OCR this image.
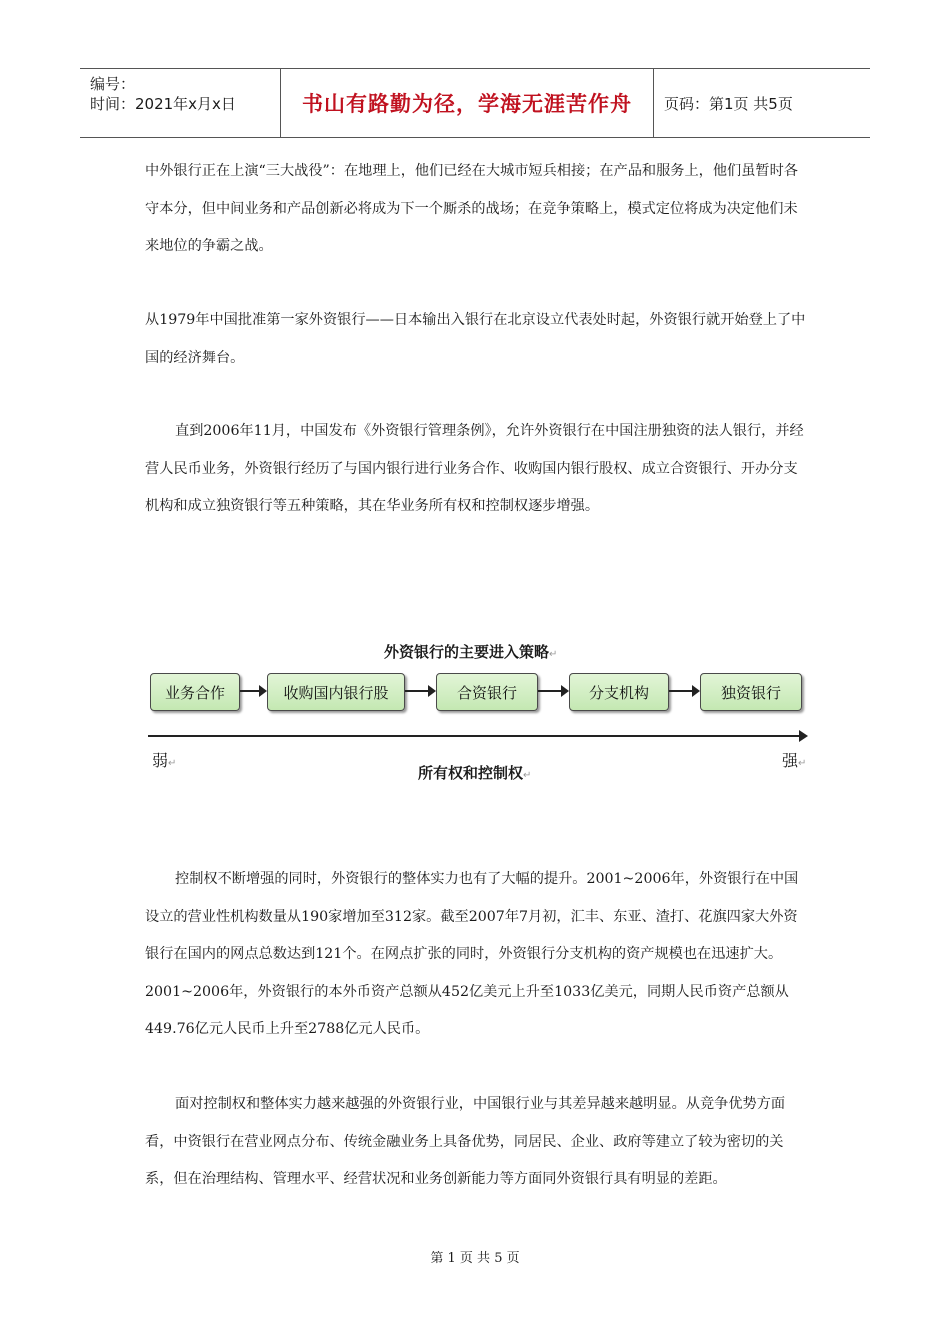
编号：
时间：2021年x月x日	书山有路勤为径，学海无涯苦作舟 页码：第1页 共5页

中外银行正在上演“三大战役”：在地理上，他们已经在大城市短兵相接；在产品和服务上，他们虽暂时各守本分，但中间业务和产品创新必将成为下一个厮杀的战场；在竞争策略上，模式定位将成为决定他们未来地位的争霸之战。

从1979年中国批准第一家外资银行——日本输出入银行在北京设立代表处时起，外资银行就开始登上了中国的经济舞台。

直到2006年11月，中国发布《外资银行管理条例》，允许外资银行在中国注册独资的法人银行，并经营人民币业务，外资银行经历了与国内银行进行业务合作、收购国内银行股权、成立合资银行、开办分支机构和成立独资银行等五种策略，其在华业务所有权和控制权逐步增强。

外资银行的主要进入策略↵
业务合作	收购国内银行股	合资银行	分支机构	独资银行
弱↵	强↵
所有权和控制权↵

控制权不断增强的同时，外资银行的整体实力也有了大幅的提升。2001~2006年，外资银行在中国设立的营业性机构数量从190家增加至312家。截至2007年7月初，汇丰、东亚、渣打、花旗四家大外资银行在国内的网点总数达到121个。在网点扩张的同时，外资银行分支机构的资产规模也在迅速扩大。2001~2006年，外资银行的本外币资产总额从452亿美元上升至1033亿美元，同期人民币资产总额从449.76亿元人民币上升至2788亿元人民币。

面对控制权和整体实力越来越强的外资银行业，中国银行业与其差异越来越明显。从竞争优势方面看，中资银行在营业网点分布、传统金融业务上具备优势，同居民、企业、政府等建立了较为密切的关系，但在治理结构、管理水平、经营状况和业务创新能力等方面同外资银行具有明显的差距。

第 1 页 共 5 页
